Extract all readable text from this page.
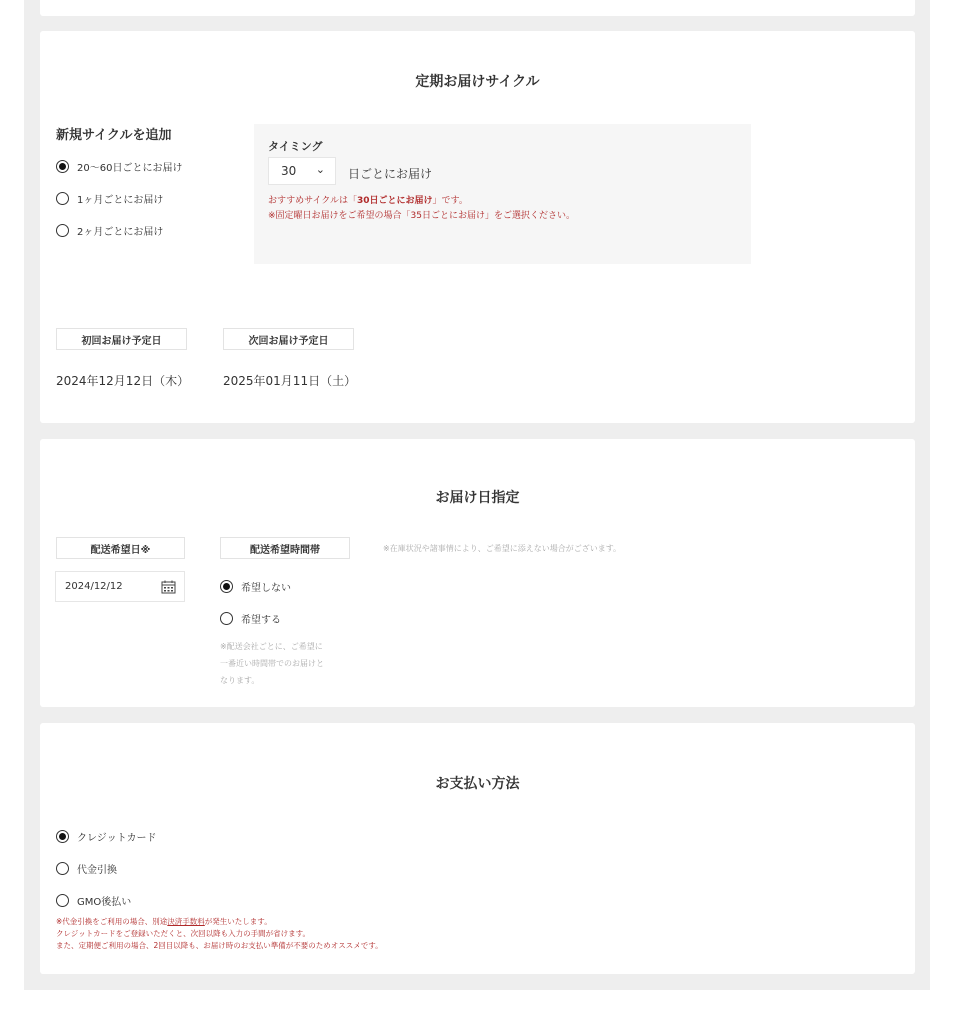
定期お届けサイクル
新規サイクルを追加
20〜60日ごとにお届け
1ヶ月ごとにお届け
2ヶ月ごとにお届け
タイミング
30 ⌄ 日ごとにお届け
おすすめサイクルは「30日ごとにお届け」です。
※固定曜日お届けをご希望の場合「35日ごとにお届け」をご選択ください。
初回お届け予定日
2024年12月12日（木）
次回お届け予定日
2025年01月11日（土）
お届け日指定
配送希望日※	配送希望時間帯	※在庫状況や諸事情により、ご希望に添えない場合がございます。
2024/12/12	希望しない
希望する
※配送会社ごとに、ご希望に
一番近い時間帯でのお届けと
なります。
お支払い方法
クレジットカード
代金引換
GMO後払い
※代金引換をご利用の場合、別途決済手数料が発生いたします。
クレジットカードをご登録いただくと、次回以降も入力の手間が省けます。
また、定期便ご利用の場合、2回目以降も、お届け時のお支払い準備が不要のためオススメです。
